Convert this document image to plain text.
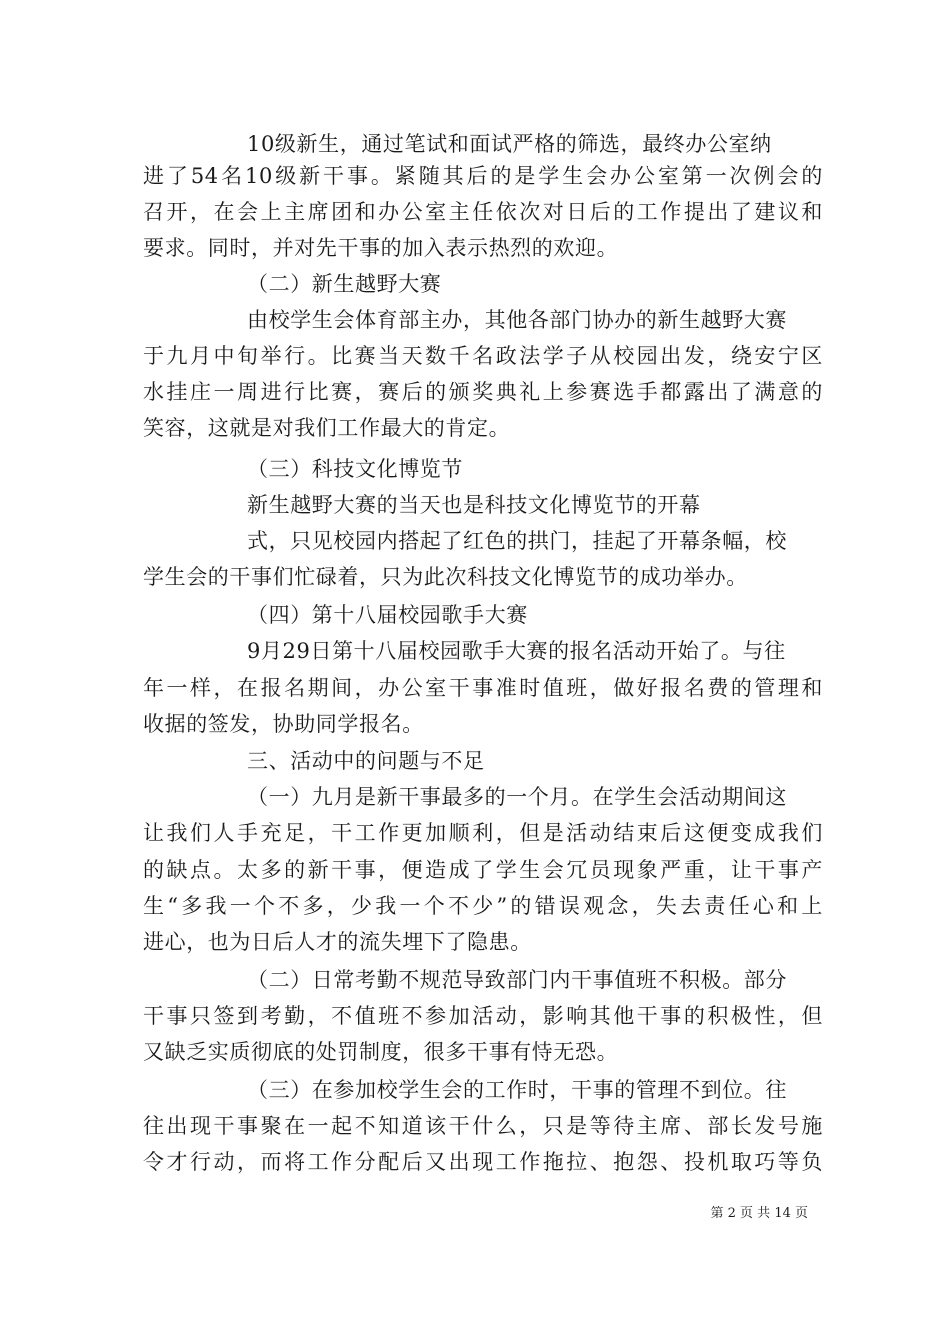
10级新生，通过笔试和面试严格的筛选，最终办公室纳
进了54名10级新干事。紧随其后的是学生会办公室第一次例会的
召开，在会上主席团和办公室主任依次对日后的工作提出了建议和
要求。同时，并对先干事的加入表示热烈的欢迎。
（二）新生越野大赛
由校学生会体育部主办，其他各部门协办的新生越野大赛
于九月中旬举行。比赛当天数千名政法学子从校园出发，绕安宁区
水挂庄一周进行比赛，赛后的颁奖典礼上参赛选手都露出了满意的
笑容，这就是对我们工作最大的肯定。
（三）科技文化博览节
新生越野大赛的当天也是科技文化博览节的开幕
式，只见校园内搭起了红色的拱门，挂起了开幕条幅，校
学生会的干事们忙碌着，只为此次科技文化博览节的成功举办。
（四）第十八届校园歌手大赛
9月29日第十八届校园歌手大赛的报名活动开始了。与往
年一样，在报名期间，办公室干事准时值班，做好报名费的管理和
收据的签发，协助同学报名。
三、活动中的问题与不足
（一）九月是新干事最多的一个月。在学生会活动期间这
让我们人手充足，干工作更加顺利，但是活动结束后这便变成我们
的缺点。太多的新干事，便造成了学生会冗员现象严重，让干事产
生“多我一个不多，少我一个不少”的错误观念，失去责任心和上
进心，也为日后人才的流失埋下了隐患。
（二）日常考勤不规范导致部门内干事值班不积极。部分
干事只签到考勤，不值班不参加活动，影响其他干事的积极性，但
又缺乏实质彻底的处罚制度，很多干事有恃无恐。
（三）在参加校学生会的工作时，干事的管理不到位。往
往出现干事聚在一起不知道该干什么，只是等待主席、部长发号施
令才行动，而将工作分配后又出现工作拖拉、抱怨、投机取巧等负
第 2 页 共 14 页
